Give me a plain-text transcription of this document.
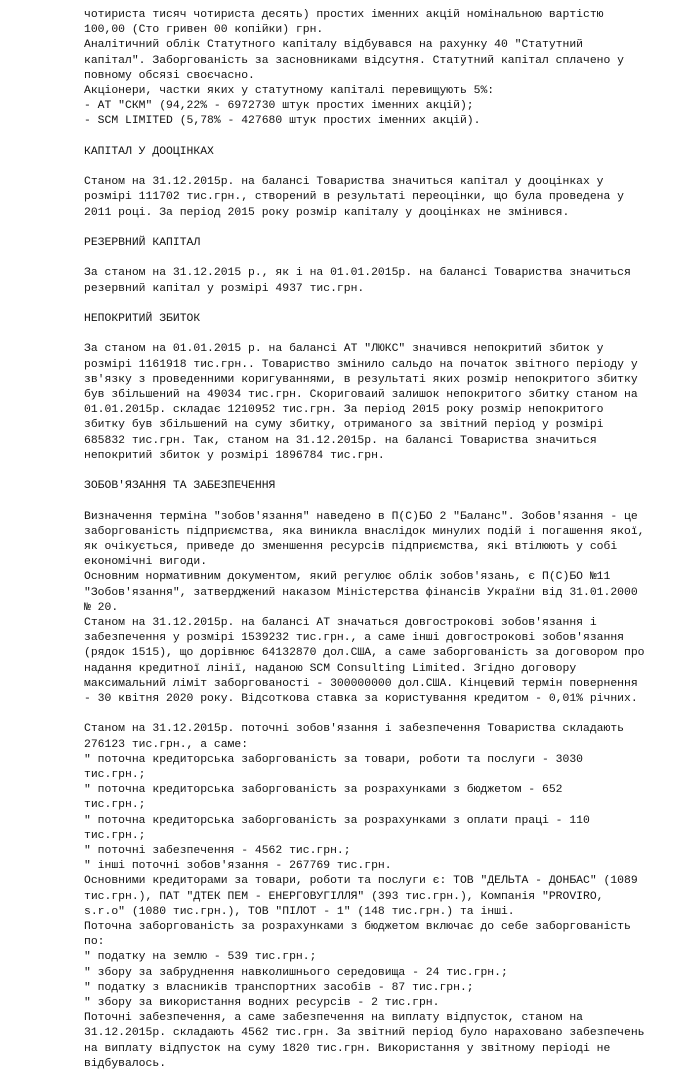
чотириста тисяч чотириста десять) простих іменних акцій номінальною вартістю
100,00 (Сто гривен 00 копійки) грн.
Аналітичний облік Статутного капіталу відбувався на рахунку 40 "Статутний
капітал". Заборгованість за засновниками відсутня. Статутний капітал сплачено у
повному обсязі своєчасно.
Акціонери, частки яких у статутному капіталі перевищують 5%:
- АТ "СКМ" (94,22% - 6972730 штук простих іменних акцій);
- SCM LIMITED (5,78% - 427680 штук простих іменних акцій).

КАПІТАЛ У ДООЦІНКАХ

Станом на 31.12.2015р. на балансі Товариства значиться капітал у дооцінках у
розмірі 111702 тис.грн., створений в результаті переоцінки, що була проведена у
2011 році. За період 2015 року розмір капіталу у дооцінках не змінився.

РЕЗЕРВНИЙ КАПІТАЛ

За станом на 31.12.2015 р., як і на 01.01.2015р. на балансі Товариства значиться
резервний капітал у розмірі 4937 тис.грн.

НЕПОКРИТИЙ ЗБИТОК

За станом на 01.01.2015 р. на балансі АТ "ЛЮКС" значився непокритий збиток у
розмірі 1161918 тис.грн.. Товариство змінило сальдо на початок звітного періоду у
зв'язку з проведенними коригуваннями, в результаті яких розмір непокритого збитку
був збільшений на 49034 тис.грн. Скориговаий залишок непокритого збитку станом на
01.01.2015р. складає 1210952 тис.грн. За період 2015 року розмір непокритого
збитку був збільшений на суму збитку, отриманого за звітний період у розмірі
685832 тис.грн. Так, станом на 31.12.2015р. на балансі Товариства значиться
непокритий збиток у розмірі 1896784 тис.грн.

ЗОБОВ'ЯЗАННЯ ТА ЗАБЕЗПЕЧЕННЯ

Визначення терміна "зобов'язання" наведено в П(С)БО 2 "Баланс". Зобов'язання - це
заборгованість підприємства, яка виникла внаслідок минулих подій і погашення якої,
як очікується, приведе до зменшення ресурсів підприємства, які втілюють у собі
економічні вигоди.
Основним нормативним документом, який регулює облік зобов'язань, є П(С)БО №11
"Зобов'язання", затверджений наказом Міністерства фінансів України від 31.01.2000
№ 20.
Станом на 31.12.2015р. на балансі АТ значаться довгострокові зобов'язання і
забезпечення у розмірі 1539232 тис.грн., а саме інші довгострокові зобов'язання
(рядок 1515), що дорівнює 64132870 дол.США, а саме заборгованість за договором про
надання кредитної лінії, наданою SCM Consulting Limited. Згідно договору
максимальний ліміт заборгованості - 300000000 дол.США. Кінцевий термін повернення
- 30 квітня 2020 року. Відсоткова ставка за користування кредитом - 0,01% річних.

Станом на 31.12.2015р. поточні зобов'язання і забезпечення Товариства складають
276123 тис.грн., а саме:

" поточна кредиторська заборгованість за товари, роботи та послуги - 3030
тис.грн.;

" поточна кредиторська заборгованість за розрахунками з бюджетом - 652
тис.грн.;

" поточна кредиторська заборгованість за розрахунками з оплати праці - 110
тис.грн.;

" поточні забезпечення - 4562 тис.грн.;

" інші поточні зобов'язання - 267769 тис.грн.

Основними кредиторами за товари, роботи та послуги є: ТОВ "ДЕЛЬТА - ДОНБАС" (1089
тис.грн.), ПАТ "ДТЕК ПЕМ - ЕНЕРГОВУГІЛЛЯ" (393 тис.грн.), Компанія "PROVIRO,
s.r.o" (1080 тис.грн.), ТОВ "ПІЛОТ - 1" (148 тис.грн.) та інші.
Поточна заборгованість за розрахунками з бюджетом включає до себе заборгованість
по:

" податку на землю - 539 тис.грн.;

" збору за забруднення навколишнього середовища - 24 тис.грн.;

" податку з власників транспортних засобів - 87 тис.грн.;

" збору за використання водних ресурсів - 2 тис.грн.

Поточні забезпечення, а саме забезпечення на виплату відпусток, станом на
31.12.2015р. складають 4562 тис.грн. За звітний період було нараховано забезпечень
на виплату відпусток на суму 1820 тис.грн. Використання у звітному періоді не
відбувалось.
